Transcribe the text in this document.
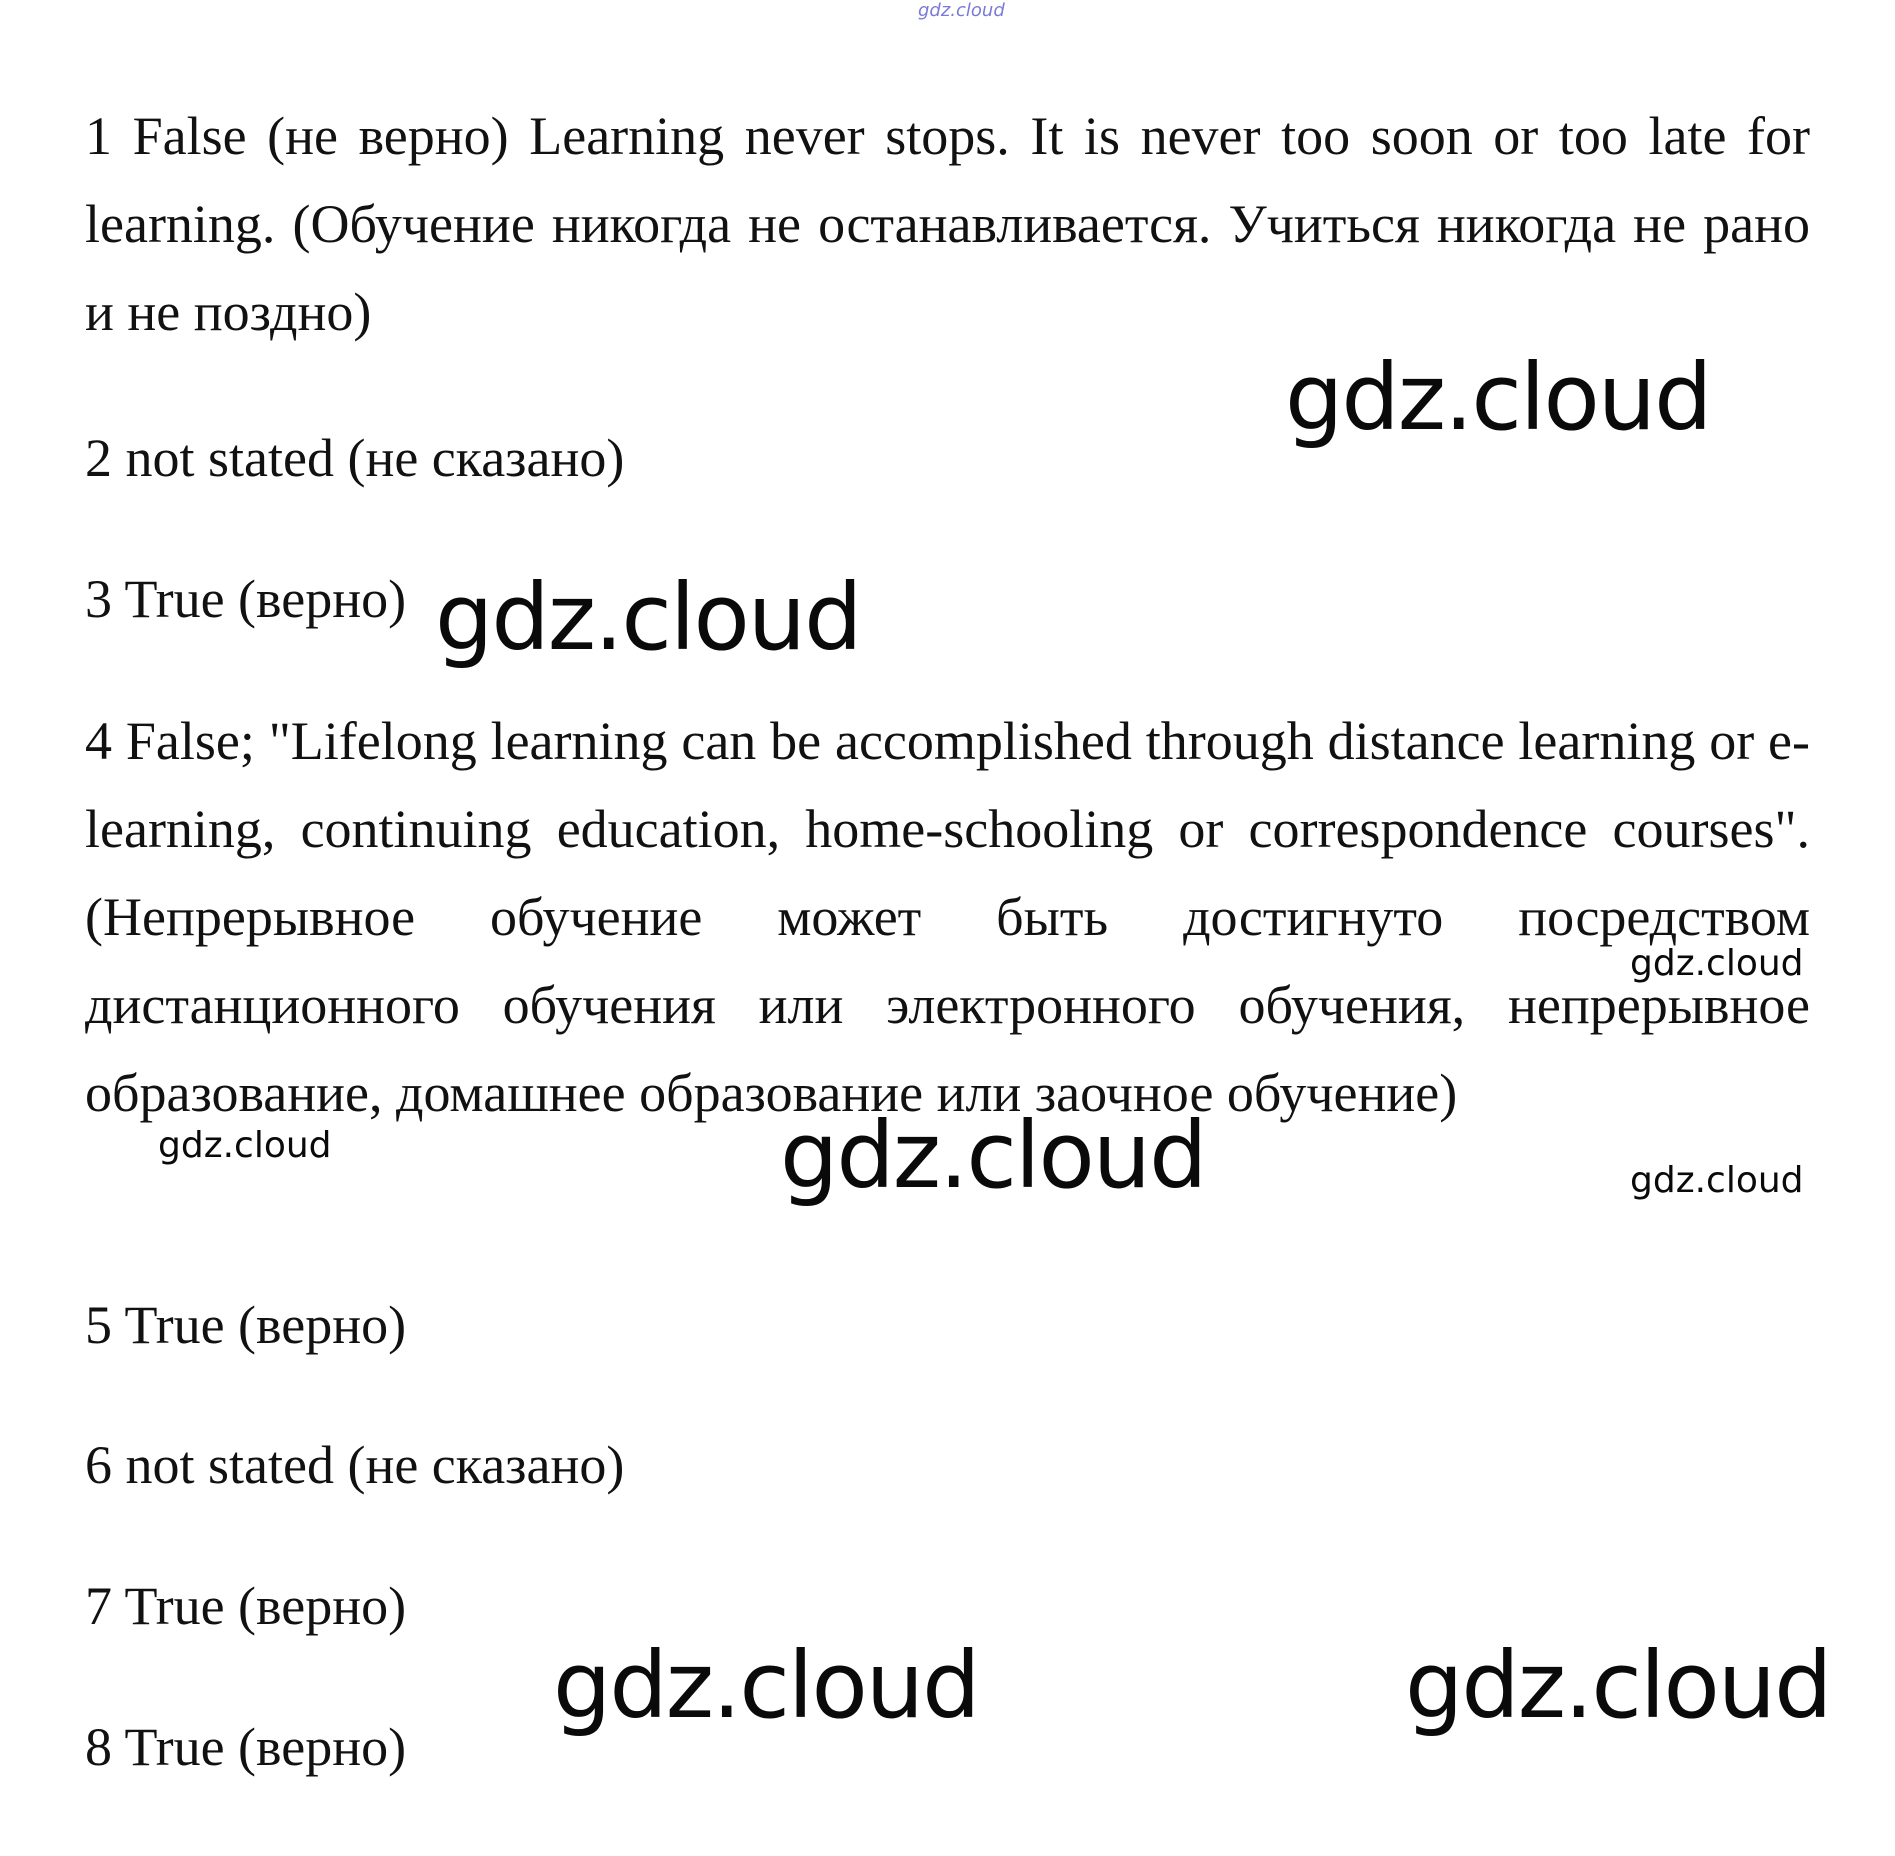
gdz.cloud

1 False (не верно) Learning never stops. It is never too soon or too late for learning. (Обучение никогда не останавливается. Учиться никогда не рано и не поздно)

2 not stated (не сказано)

3 True (верно)

4 False; "Lifelong learning can be accomplished through distance learning or e-learning, continuing education, home-schooling or correspondence courses". (Непрерывное обучение может быть достигнуто посредством дистанционного обучения или электронного обучения, непрерывное образование, домашнее образование или заочное обучение)

5 True (верно)

6 not stated (не сказано)

7 True (верно)

8 True (верно)

gdz.cloud
gdz.cloud
gdz.cloud
gdz.cloud	gdz.cloud
gdz.cloud
gdz.cloud
gdz.cloud
